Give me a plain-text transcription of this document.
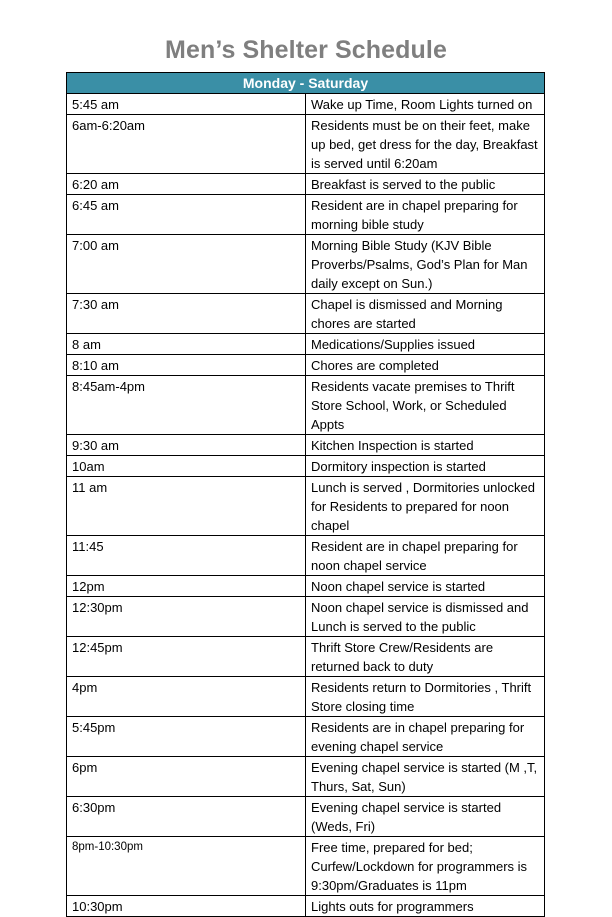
Men’s Shelter Schedule
Monday - Saturday	
5:45 am	Wake up Time, Room Lights turned on
6am-6:20am	Residents must be on their feet, make up bed, get dress for the day, Breakfast is served until 6:20am
6:20 am	Breakfast is served to the public
6:45 am	Resident are in chapel preparing for morning bible study
7:00 am	Morning Bible Study (KJV Bible Proverbs/Psalms, God’s Plan for Man daily except on Sun.)
7:30 am	Chapel is dismissed and Morning chores are started
8 am	Medications/Supplies issued
8:10 am	Chores are completed
8:45am-4pm	Residents vacate premises to Thrift Store School, Work, or Scheduled Appts
9:30 am	Kitchen Inspection is started
10am	Dormitory inspection is started
11 am	Lunch is served , Dormitories unlocked for Residents to prepared for noon chapel
11:45	Resident are in chapel preparing for noon chapel service
12pm	Noon chapel service is started
12:30pm	Noon chapel service is dismissed and Lunch is served to the public
12:45pm	Thrift Store Crew/Residents are returned back to duty
4pm	Residents return to Dormitories , Thrift Store closing time
5:45pm	Residents are in chapel preparing for evening chapel service
6pm	Evening chapel service is started (M ,T, Thurs, Sat, Sun)
6:30pm	Evening chapel service is started (Weds, Fri)
8pm-10:30pm	Free time, prepared for bed; Curfew/Lockdown for programmers is 9:30pm/Graduates is 11pm
10:30pm	Lights outs for programmers
